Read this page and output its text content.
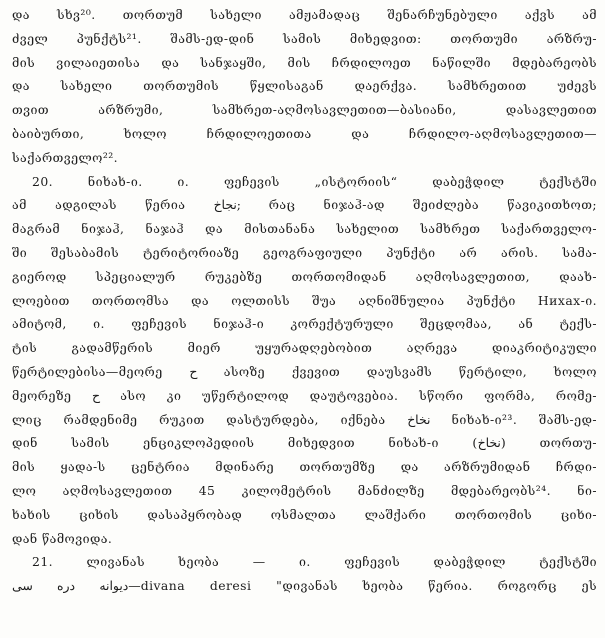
და სხვ²⁰. თორთუმ სახელი ამჟამადაც შენარჩუნებული აქვს ამ
ძველ პუნქტს²¹. შამს-ედ-დინ სამის მიხედვით: თორთუმი არზრუ-
მის ვილაიეთისა და სანჯაყში, მის ჩრდილოეთ ნაწილში მდებარეობს
და სახელი თორთუმის წყლისაგან დაერქვა. სამხრეთით უძევს
თვით არზრუმი, სამხრეთ-აღმოსავლეთით—ბასიანი, დასავლეთით
ბაიბურთი, ხოლო ჩრდილოეთითა და ჩრდილო-აღმოსავლეთით—
საქართველო²².
20. ნიხახ-ი. ი. ფეჩევის „ისტორიის“ დაბეჭდილ ტექსტში
ამ ადგილას წერია نجاخ; რაც ნიჯაჰ-ად შეიძლება წავიკითხოთ;
მაგრამ ნიჯაჰ, ნაჯაჰ და მისთანანა სახელით სამხრეთ საქართველო-
ში შესაბამის ტერიტორიაზე გეოგრაფიული პუნქტი არ არის. სამა-
გიეროდ სპეციალურ რუკებზე თორთომიდან აღმოსავლეთით, დაახ-
ლოებით თორთომსა და ოლთისს შუა აღნიშნულია პუნქტი Нихах-ი.
ამიტომ, ი. ფეჩევის ნიჯაჰ-ი კორექტურული შეცდომაა, ან ტექს-
ტის გადამწერის მიერ უყურადღებობით აღრევა დიაკრიტიკული
წერტილებისა—მეორე ح ასოზე ქვევით დაუსვამს წერტილი, ხოლო
მეორეზე ح ასო კი უწერტილოდ დაუტოვებია. სწორი ფორმა, რომე-
ლიც რამდენიმე რუკით დასტურდება, იქნება نخاخ ნიხახ-ი²³. შამს-ედ-
დინ სამის ენციკლოპედიის მიხედვით ნიხახ-ი (نخاخ) თორთუ-
მის ყადა-ს ცენტრია მდინარე თორთუმზე და არზრუმიდან ჩრდი-
ლო აღმოსავლეთით 45 კილომეტრის მანძილზე მდებარეობს²⁴. ნი-
ხახის ციხის დასაპყრობად ოსმალთა ლაშქარი თორთომის ციხი-
დან წამოვიდა.
21. ლივანას ხეობა — ი. ფეჩევის დაბეჭდილ ტექსტში
ديوانه دره سى—divana deresi "დივანას ხეობა წერია. როგორც ეს
